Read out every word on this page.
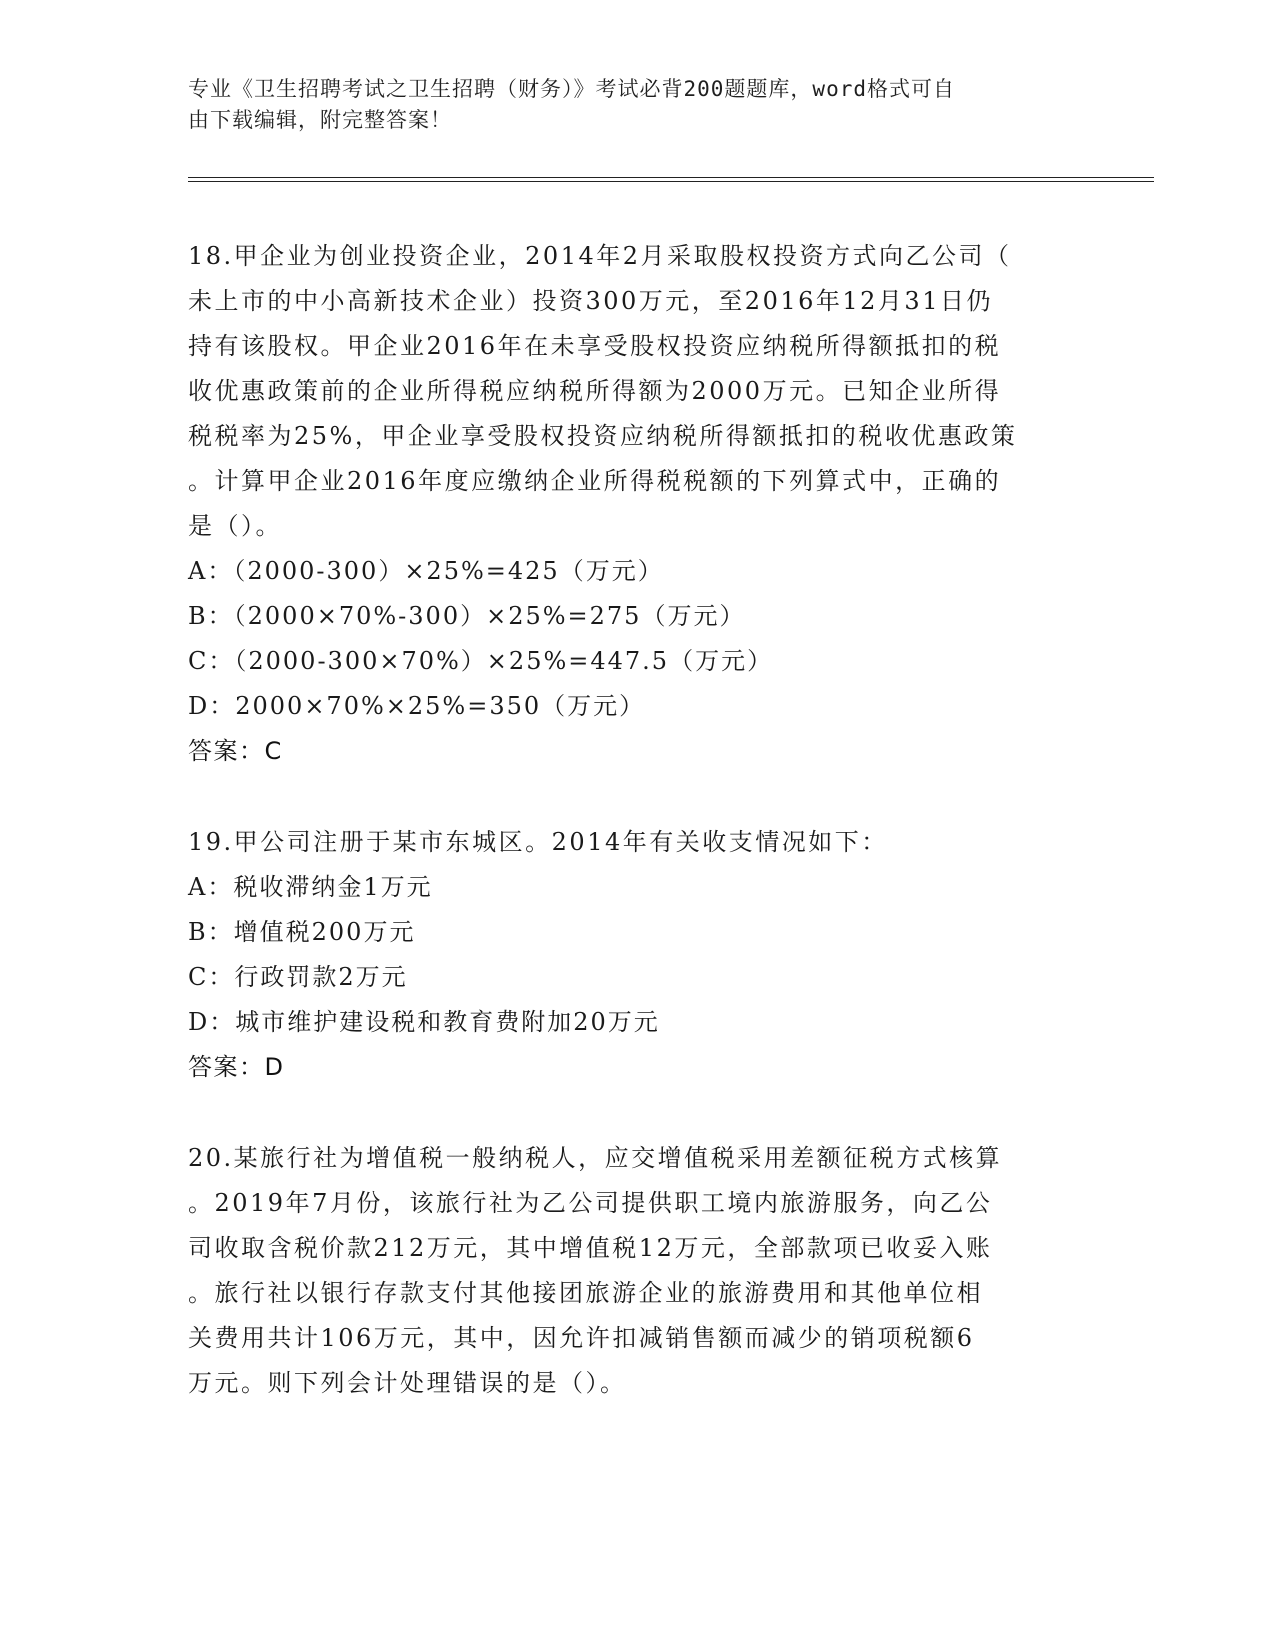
专业《卫生招聘考试之卫生招聘（财务）》考试必背200题题库，word格式可自
由下载编辑，附完整答案！
18.甲企业为创业投资企业，2014年2月采取股权投资方式向乙公司（
未上市的中小高新技术企业）投资300万元，至2016年12月31日仍
持有该股权。甲企业2016年在未享受股权投资应纳税所得额抵扣的税
收优惠政策前的企业所得税应纳税所得额为2000万元。已知企业所得
税税率为25%，甲企业享受股权投资应纳税所得额抵扣的税收优惠政策
。计算甲企业2016年度应缴纳企业所得税税额的下列算式中，正确的
是（）。
A：（2000-300）×25%=425（万元）
B：（2000×70%-300）×25%=275（万元）
C：（2000-300×70%）×25%=447.5（万元）
D：2000×70%×25%=350（万元）
答案：C
19.甲公司注册于某市东城区。2014年有关收支情况如下：
A：税收滞纳金1万元
B：增值税200万元
C：行政罚款2万元
D：城市维护建设税和教育费附加20万元
答案：D
20.某旅行社为增值税一般纳税人，应交增值税采用差额征税方式核算
。2019年7月份，该旅行社为乙公司提供职工境内旅游服务，向乙公
司收取含税价款212万元，其中增值税12万元，全部款项已收妥入账
。旅行社以银行存款支付其他接团旅游企业的旅游费用和其他单位相
关费用共计106万元，其中，因允许扣减销售额而减少的销项税额6
万元。则下列会计处理错误的是（）。
